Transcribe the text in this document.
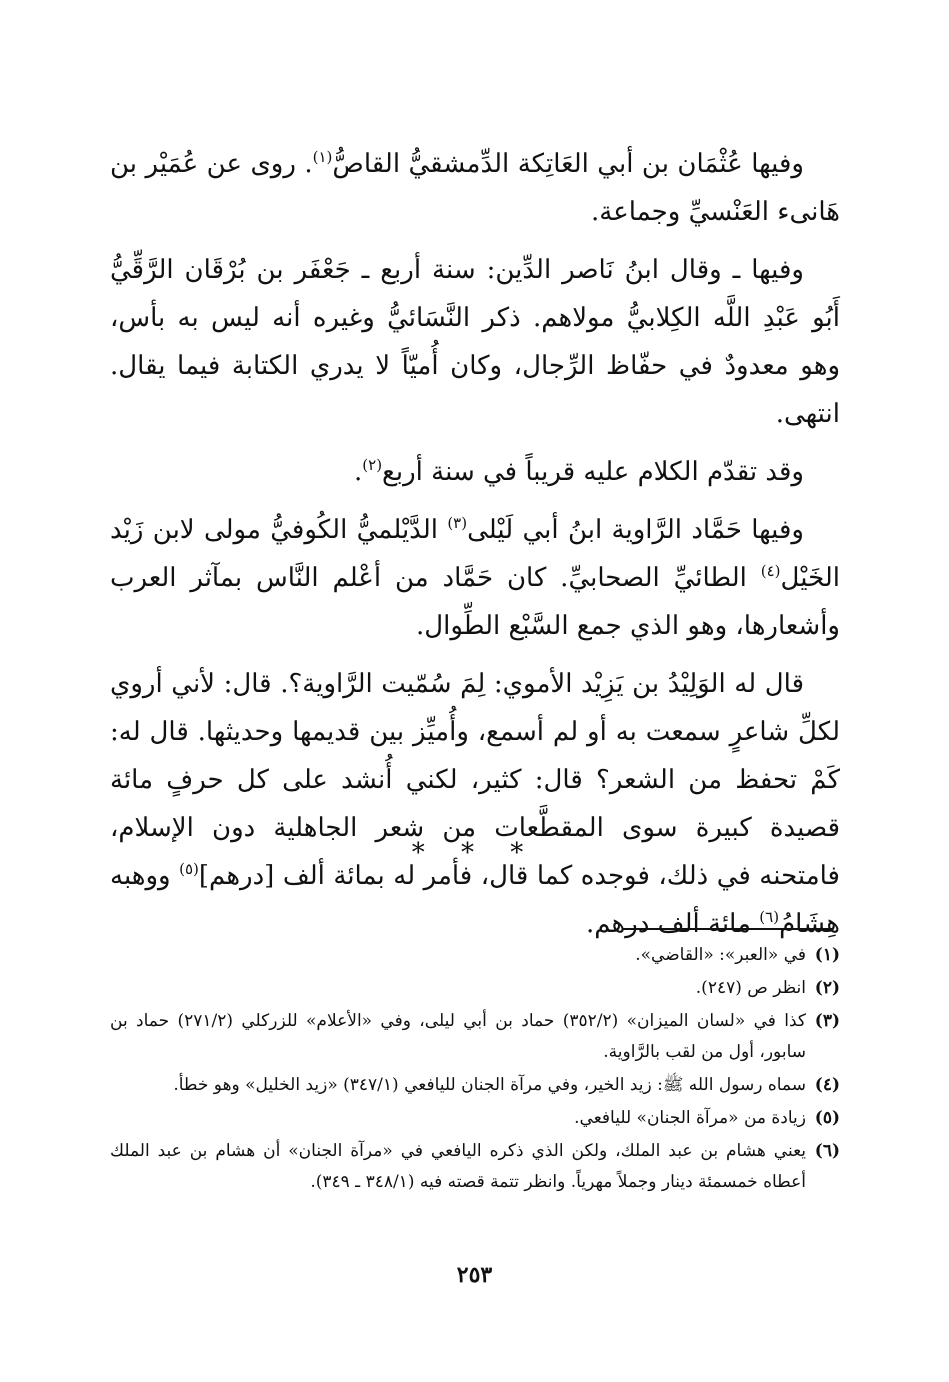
وفيها عُثْمَان بن أبي العَاتِكة الدِّمشقيُّ القاصُّ$^{(١)}$. روى عن عُمَيْر بن هَانىء العَنْسيِّ وجماعة.

وفيها ـ وقال ابنُ نَاصر الدِّين: سنة أربع ـ جَعْفَر بن بُرْقَان الرَّقِّيُّ أَبُو عَبْدِ اللَّه الكِلابيُّ مولاهم. ذكر النَّسَائيُّ وغيره أنه ليس به بأس، وهو معدودٌ في حفّاظ الرِّجال، وكان أُميّاً لا يدري الكتابة فيما يقال. انتهى.

وقد تقدّم الكلام عليه قريباً في سنة أربع$^{(٢)}$.

وفيها حَمَّاد الرَّاوية ابنُ أبي لَيْلى$^{(٣)}$ الدَّيْلميُّ الكُوفيُّ مولى لابن زَيْد الخَيْل$^{(٤)}$ الطائيِّ الصحابيِّ. كان حَمَّاد من أعْلم النَّاس بمآثر العرب وأشعارها، وهو الذي جمع السَّبْع الطِّوال.

قال له الوَلِيْدُ بن يَزِيْد الأموي: لِمَ سُمّيت الرَّاوية؟. قال: لأني أروي لكلِّ شاعرٍ سمعت به أو لم أسمع، وأُميِّز بين قديمها وحديثها. قال له: كَمْ تحفظ من الشعر؟ قال: كثير، لكني أُنشد على كل حرفٍ مائة قصيدة كبيرة سوى المقطَّعات من شعر الجاهلية دون الإسلام، فامتحنه في ذلك، فوجده كما قال، فأمر له بمائة ألف [درهم]$^{(٥)}$ ووهبه هِشَامُ$^{(٦)}$ مائة ألف درهم.

* * *
(١)في «العبر»: «القاضي».
(٢)انظر ص (٢٤٧).
(٣)كذا في «لسان الميزان» (٣٥٢/٢) حماد بن أبي ليلى، وفي «الأعلام» للزركلي (٢٧١/٢) حماد بن سابور، أول من لقب بالرَّاوية.
(٤)سماه رسول الله ﷺ: زيد الخير، وفي مرآة الجنان لليافعي (٣٤٧/١) «زيد الخليل» وهو خطأ.
(٥)زيادة من «مرآة الجنان» لليافعي.
(٦)يعني هشام بن عبد الملك، ولكن الذي ذكره اليافعي في «مرآة الجنان» أن هشام بن عبد الملك أعطاه خمسمئة دينار وجملاً مهرياً. وانظر تتمة قصته فيه (٣٤٨/١ ـ ٣٤٩).
٢٥٣
